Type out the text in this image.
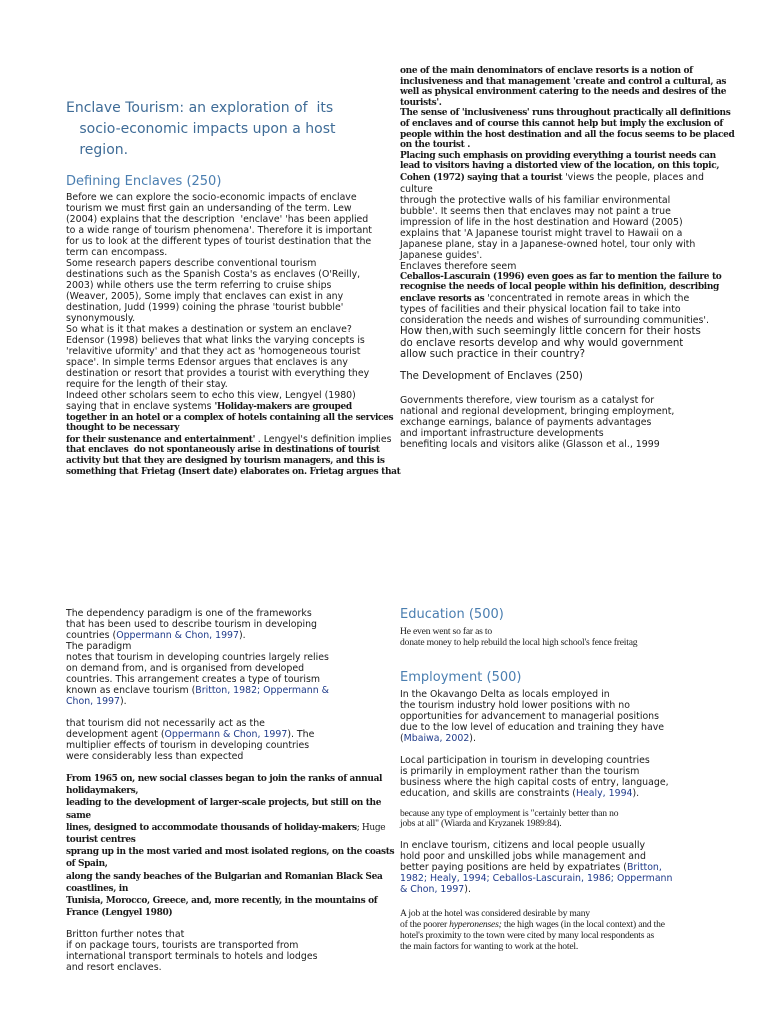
Enclave Tourism: an exploration of  its
socio-economic impacts upon a host
region.
Defining Enclaves (250)
Before we can explore the socio-economic impacts of enclave
tourism we must first gain an undersanding of the term. Lew
(2004) explains that the description  'enclave' 'has been applied
to a wide range of tourism phenomena'. Therefore it is important
for us to look at the different types of tourist destination that the
term can encompass.
Some research papers describe conventional tourism
destinations such as the Spanish Costa's as enclaves (O'Reilly,
2003) while others use the term referring to cruise ships
(Weaver, 2005), Some imply that enclaves can exist in any
destination, Judd (1999) coining the phrase 'tourist bubble'
synonymously.
So what is it that makes a destination or system an enclave?
Edensor (1998) believes that what links the varying concepts is
'relavitive uformity' and that they act as 'homogeneous tourist
space'. In simple terms Edensor argues that enclaves is any
destination or resort that provides a tourist with everything they
require for the length of their stay.
Indeed other scholars seem to echo this view, Lengyel (1980)
saying that in enclave systems 'Holiday-makers are grouped
together in an hotel or a complex of hotels containing all the services
thought to be necessary
for their sustenance and entertainment' . Lengyel's definition implies
that enclaves  do not spontaneously arise in destinations of tourist
activity but that they are designed by tourism managers, and this is
something that Frietag (Insert date) elaborates on. Frietag argues that
one of the main denominators of enclave resorts is a notion of
inclusiveness and that management 'create and control a cultural, as
well as physical environment catering to the needs and desires of the
tourists'.
The sense of 'inclusiveness' runs throughout practically all definitions
of enclaves and of course this cannot help but imply the exclusion of
people within the host destination and all the focus seems to be placed
on the tourist .
Placing such emphasis on providing everything a tourist needs can
lead to visitors having a distorted view of the location, on this topic,
Cohen (1972) saying that a tourist 'views the people, places and
culture
through the protective walls of his familiar environmental
bubble'. It seems then that enclaves may not paint a true
impression of life in the host destination and Howard (2005)
explains that 'A Japanese tourist might travel to Hawaii on a
Japanese plane, stay in a Japanese-owned hotel, tour only with
Japanese guides'.
Enclaves therefore seem
Ceballos-Lascurain (1996) even goes as far to mention the failure to
recognise the needs of local people within his definition, describing
enclave resorts as 'concentrated in remote areas in which the
types of facilities and their physical location fail to take into
consideration the needs and wishes of surrounding communities'.
How then,with such seemingly little concern for their hosts
do enclave resorts develop and why would government
allow such practice in their country?
The Development of Enclaves (250)
Governments therefore, view tourism as a catalyst for
national and regional development, bringing employment,
exchange earnings, balance of payments advantages
and important infrastructure developments
benefiting locals and visitors alike (Glasson et al., 1999
The dependency paradigm is one of the frameworks
that has been used to describe tourism in developing
countries (Oppermann & Chon, 1997).
The paradigm
notes that tourism in developing countries largely relies
on demand from, and is organised from developed
countries. This arrangement creates a type of tourism
known as enclave tourism (Britton, 1982; Oppermann &
Chon, 1997).
that tourism did not necessarily act as the
development agent (Oppermann & Chon, 1997). The
multiplier effects of tourism in developing countries
were considerably less than expected
From 1965 on, new social classes began to join the ranks of annual
holidaymakers,
leading to the development of larger-scale projects, but still on the
same
lines, designed to accommodate thousands of holiday-makers; Huge
tourist centres
sprang up in the most varied and most isolated regions, on the coasts
of Spain,
along the sandy beaches of the Bulgarian and Romanian Black Sea
coastlines, in
Tunisia, Morocco, Greece, and, more recently, in the mountains of
France (Lengyel 1980)
Britton further notes that
if on package tours, tourists are transported from
international transport terminals to hotels and lodges
and resort enclaves.
Education (500)
He even went so far as to
donate money to help rebuild the local high school's fence freitag
Employment (500)
In the Okavango Delta as locals employed in
the tourism industry hold lower positions with no
opportunities for advancement to managerial positions
due to the low level of education and training they have
(Mbaiwa, 2002).
Local participation in tourism in developing countries
is primarily in employment rather than the tourism
business where the high capital costs of entry, language,
education, and skills are constraints (Healy, 1994).
because any type of employment is "certainly better than no
jobs at all" (Wiarda and Kryzanek 1989:84).
In enclave tourism, citizens and local people usually
hold poor and unskilled jobs while management and
better paying positions are held by expatriates (Britton,
1982; Healy, 1994; Ceballos-Lascurain, 1986; Oppermann
& Chon, 1997).
A job at the hotel was considered desirable by many
of the poorer hyperonenses; the high wages (in the local context) and the
hotel's proximity to the town were cited by many local respondents as
the main factors for wanting to work at the hotel.
